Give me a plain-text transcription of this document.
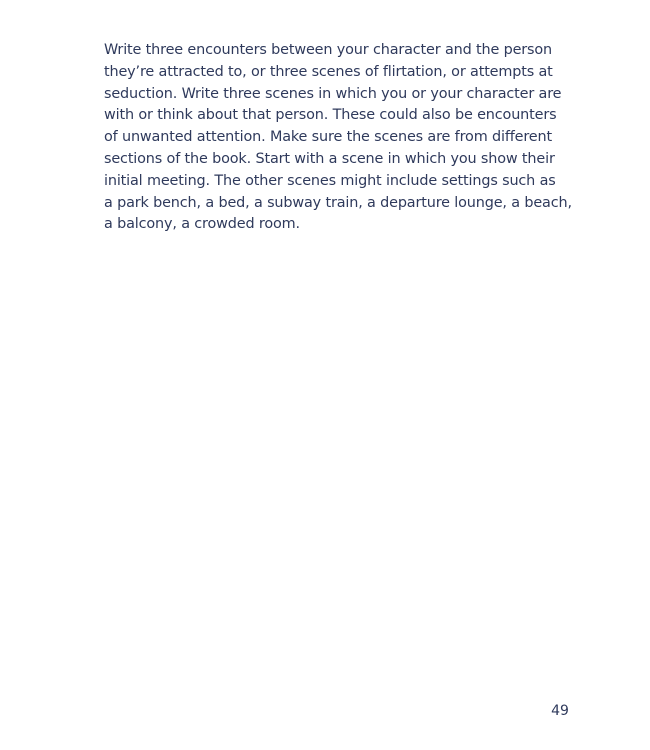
Write three encounters between your character and the person
they’re attracted to, or three scenes of flirtation, or attempts at
seduction. Write three scenes in which you or your character are
with or think about that person. These could also be encounters
of unwanted attention. Make sure the scenes are from different
sections of the book. Start with a scene in which you show their
initial meeting. The other scenes might include settings such as
a park bench, a bed, a subway train, a departure lounge, a beach,
a balcony, a crowded room.

49
